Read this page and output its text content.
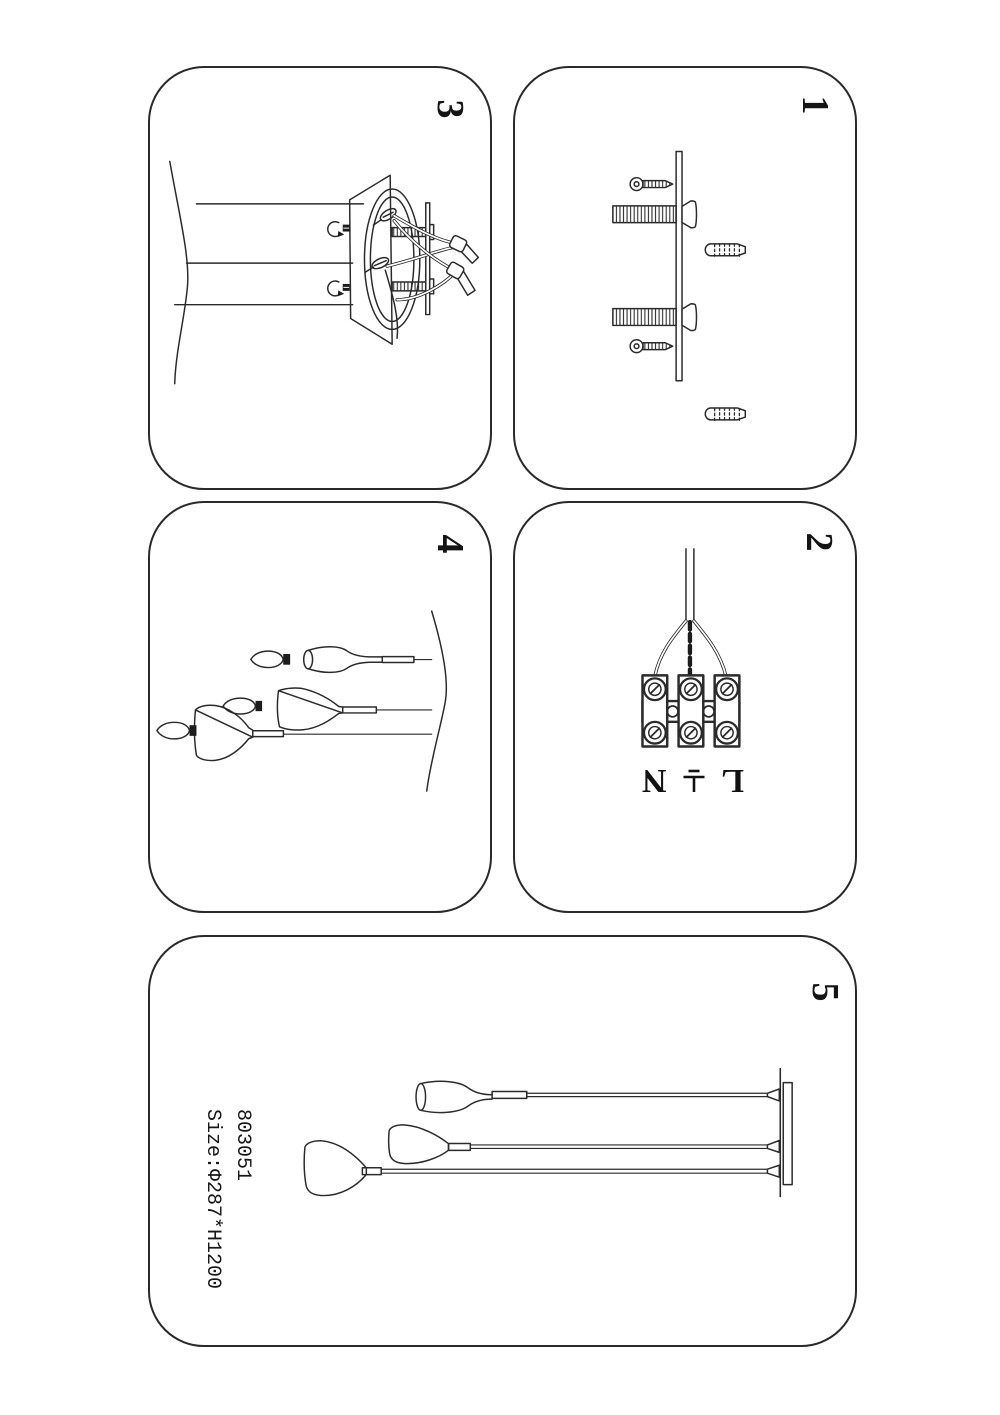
3	1
4
L
N
2
803051
Size:Φ287*H1200
5
